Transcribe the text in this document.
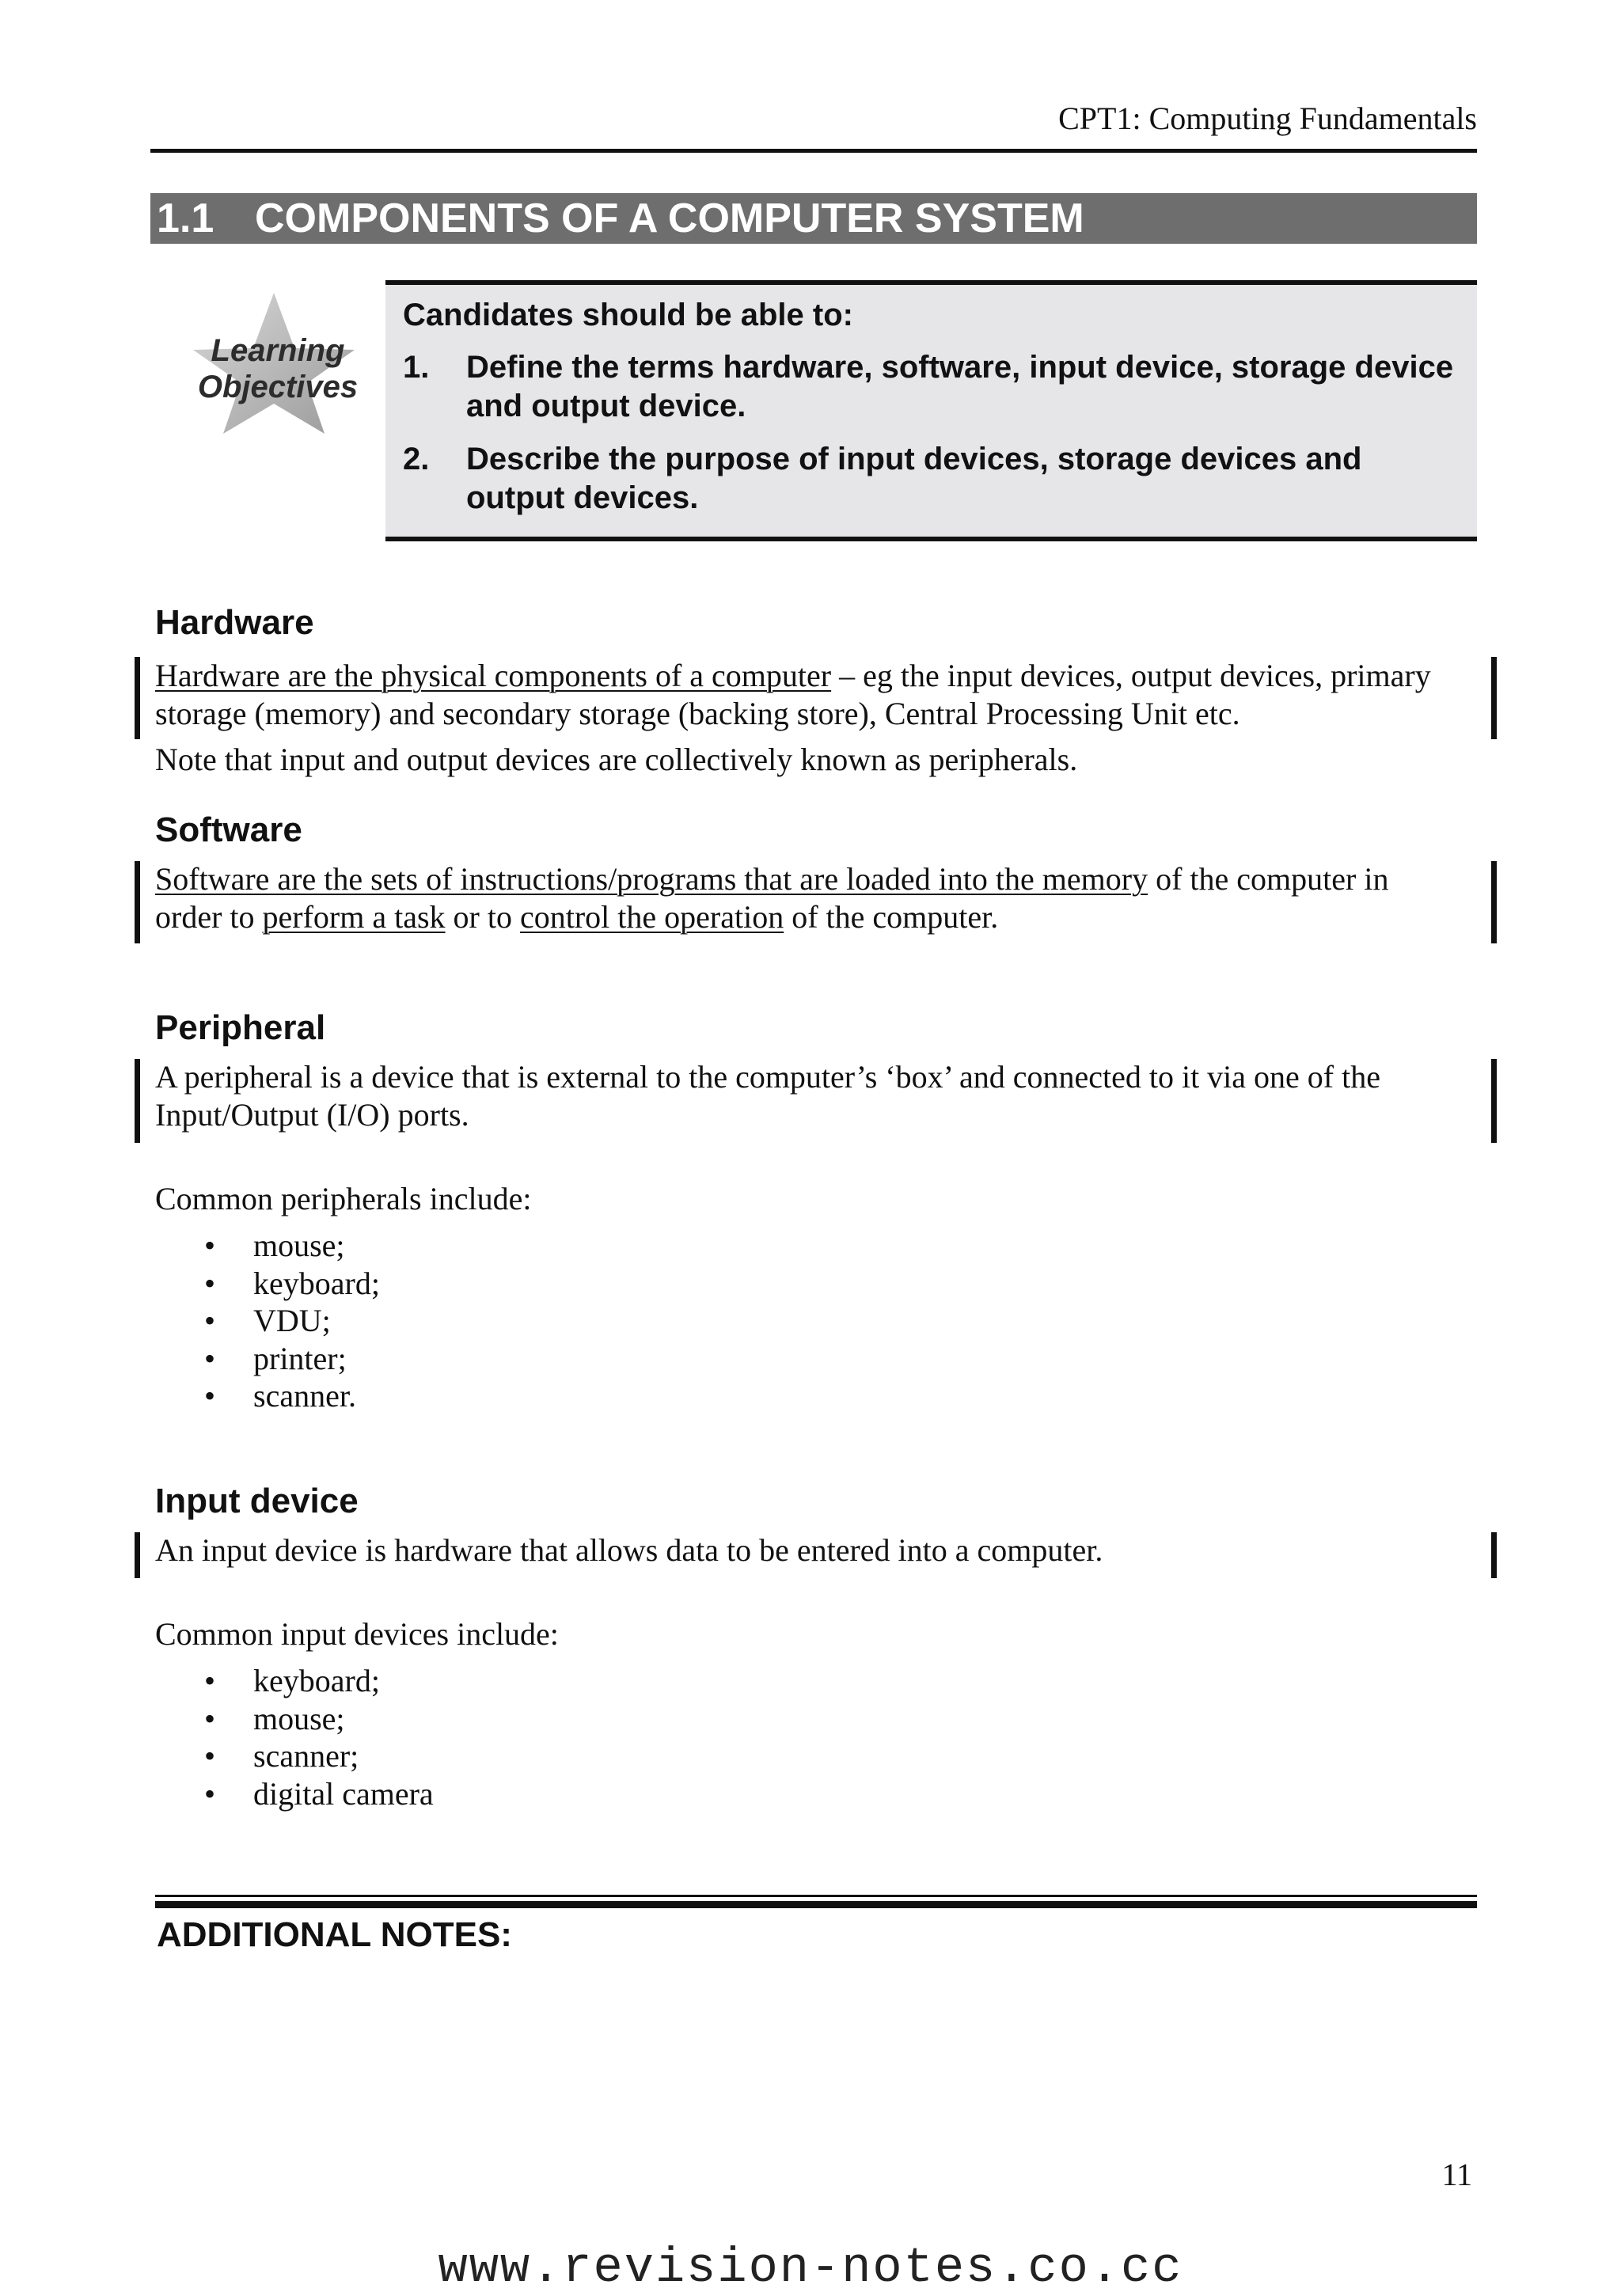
CPT1: Computing Fundamentals
1.1 COMPONENTS OF A COMPUTER SYSTEM
Learning
Objectives
Candidates should be able to:
1. Define the terms hardware, software, input device, storage device and output device.
2. Describe the purpose of input devices, storage devices and output devices.
Hardware
Hardware are the physical components of a computer – eg the input devices, output devices, primary storage (memory) and secondary storage (backing store), Central Processing Unit etc.
Note that input and output devices are collectively known as peripherals.
Software
Software are the sets of instructions/programs that are loaded into the memory of the computer in order to perform a task or to control the operation of the computer.
Peripheral
A peripheral is a device that is external to the computer’s ‘box’ and connected to it via one of the Input/Output (I/O) ports.
Common peripherals include:
• mouse;
• keyboard;
• VDU;
• printer;
• scanner.
Input device
An input device is hardware that allows data to be entered into a computer.
Common input devices include:
• keyboard;
• mouse;
• scanner;
• digital camera
ADDITIONAL NOTES:
11
www.revision-notes.co.cc
